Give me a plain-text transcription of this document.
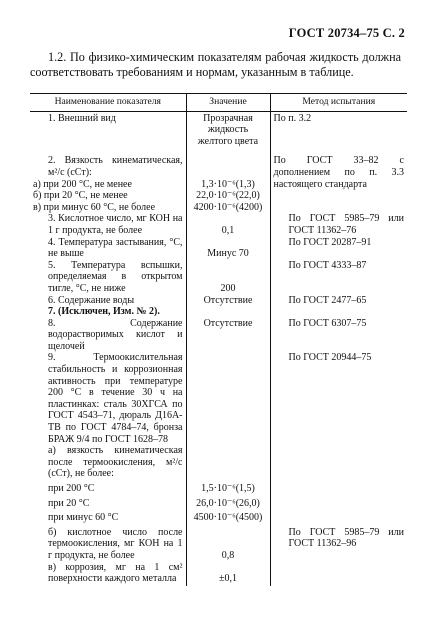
ГОСТ 20734–75 С. 2
1.2. По физико-химическим показателям рабочая жидкость должна соответствовать требованиям и нормам, указанным в таблице.
Наименование показателя	Значение	Метод испытания
1. Внешний вид	Прозрачная жидкость желтого цвета	По п. 3.2
2. Вязкость кинематическая, м²/с (сСт):		По ГОСТ 33–82 с дополнением по п. 3.3 настоящего стандарта
а) при 200 °С, не менее	1,3·10⁻⁶(1,3)	
б) при 20 °С, не менее	22,0·10⁻⁶(22,0)	
в) при минус 60 °С, не более	4200·10⁻⁶(4200)	
3. Кислотное число, мг КОН на 1 г продукта, не более	0,1	По ГОСТ 5985–79 или ГОСТ 11362–76
4. Температура застывания, °С, не выше	Минус 70	По ГОСТ 20287–91
5. Температура вспышки, определяемая в открытом тигле, °С, не ниже	200	По ГОСТ 4333–87
6. Содержание воды	Отсутствие	По ГОСТ 2477–65
7. (Исключен, Изм. № 2).		
8. Содержание водорастворимых кислот и щелочей	Отсутствие	По ГОСТ 6307–75
9. Термоокислительная стабильность и коррозионная активность при температуре 200 °С в течение 30 ч на пластинках: сталь 30ХГСА по ГОСТ 4543–71, дюраль Д16А-ТВ по ГОСТ 4784–74, бронза БРАЖ 9/4 по ГОСТ 1628–78		По ГОСТ 20944–75
а) вязкость кинематическая после термоокисления, м²/с (сСт), не более:		
при 200 °С	1,5·10⁻⁶(1,5)	
при 20 °С	26,0·10⁻⁶(26,0)	
при минус 60 °С	4500·10⁻⁶(4500)	
б) кислотное число после термоокисления, мг КОН на 1 г продукта, не более	0,8	По ГОСТ 5985–79 или ГОСТ 11362–96
в) коррозия, мг на 1 см² поверхности каждого металла	±0,1	
